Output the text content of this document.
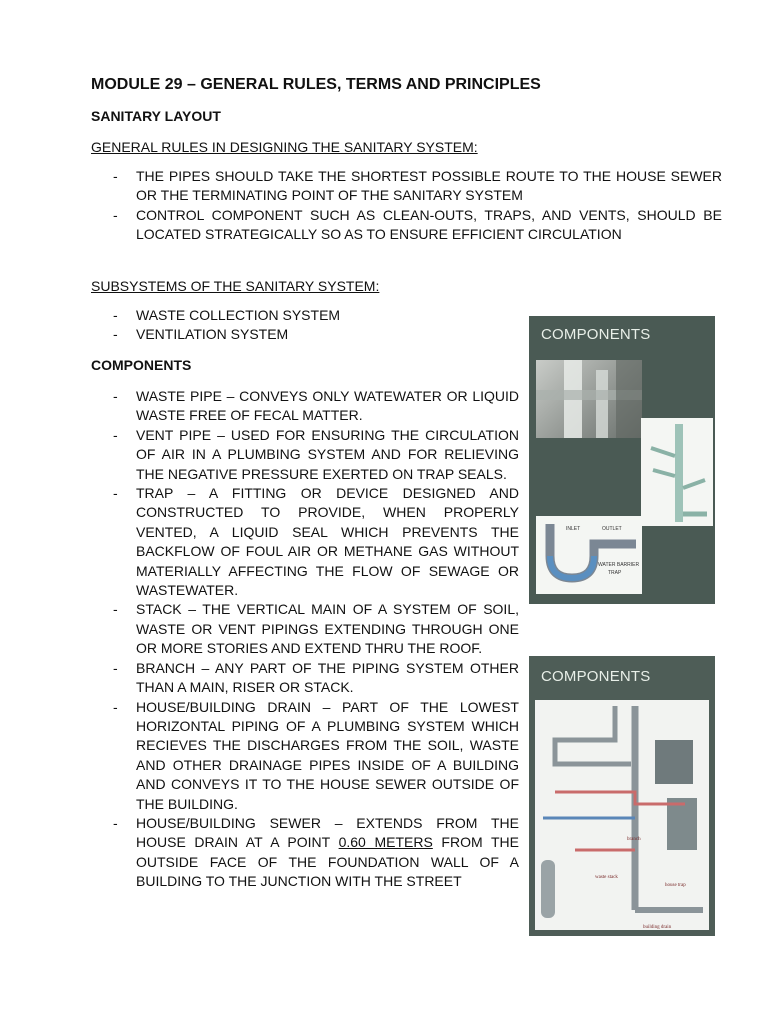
MODULE 29 – GENERAL RULES, TERMS AND PRINCIPLES
SANITARY LAYOUT
GENERAL RULES IN DESIGNING THE SANITARY SYSTEM:
- THE PIPES SHOULD TAKE THE SHORTEST POSSIBLE ROUTE TO THE HOUSE SEWER OR THE TERMINATING POINT OF THE SANITARY SYSTEM
- CONTROL COMPONENT SUCH AS CLEAN-OUTS, TRAPS, AND VENTS, SHOULD BE LOCATED STRATEGICALLY SO AS TO ENSURE EFFICIENT CIRCULATION
SUBSYSTEMS OF THE SANITARY SYSTEM:
- WASTE COLLECTION SYSTEM
- VENTILATION SYSTEM
COMPONENTS
- WASTE PIPE – CONVEYS ONLY WATEWATER OR LIQUID WASTE FREE OF FECAL MATTER.
- VENT PIPE – USED FOR ENSURING THE CIRCULATION OF AIR IN A PLUMBING SYSTEM AND FOR RELIEVING THE NEGATIVE PRESSURE EXERTED ON TRAP SEALS.
- TRAP – A FITTING OR DEVICE DESIGNED AND CONSTRUCTED TO PROVIDE, WHEN PROPERLY VENTED, A LIQUID SEAL WHICH PREVENTS THE BACKFLOW OF FOUL AIR OR METHANE GAS WITHOUT MATERIALLY AFFECTING THE FLOW OF SEWAGE OR WASTEWATER.
- STACK – THE VERTICAL MAIN OF A SYSTEM OF SOIL, WASTE OR VENT PIPINGS EXTENDING THROUGH ONE OR MORE STORIES AND EXTEND THRU THE ROOF.
- BRANCH – ANY PART OF THE PIPING SYSTEM OTHER THAN A MAIN, RISER OR STACK.
- HOUSE/BUILDING DRAIN – PART OF THE LOWEST HORIZONTAL PIPING OF A PLUMBING SYSTEM WHICH RECIEVES THE DISCHARGES FROM THE SOIL, WASTE AND OTHER DRAINAGE PIPES INSIDE OF A BUILDING AND CONVEYS IT TO THE HOUSE SEWER OUTSIDE OF THE BUILDING.
- HOUSE/BUILDING SEWER – EXTENDS FROM THE HOUSE DRAIN AT A POINT 0.60 METERS FROM THE OUTSIDE FACE OF THE FOUNDATION WALL OF A BUILDING TO THE JUNCTION WITH THE STREET
COMPONENTS
INLET	OUTLET
WATER BARRIER
TRAP
COMPONENTS
waste stack
branch
building drain
house trap
